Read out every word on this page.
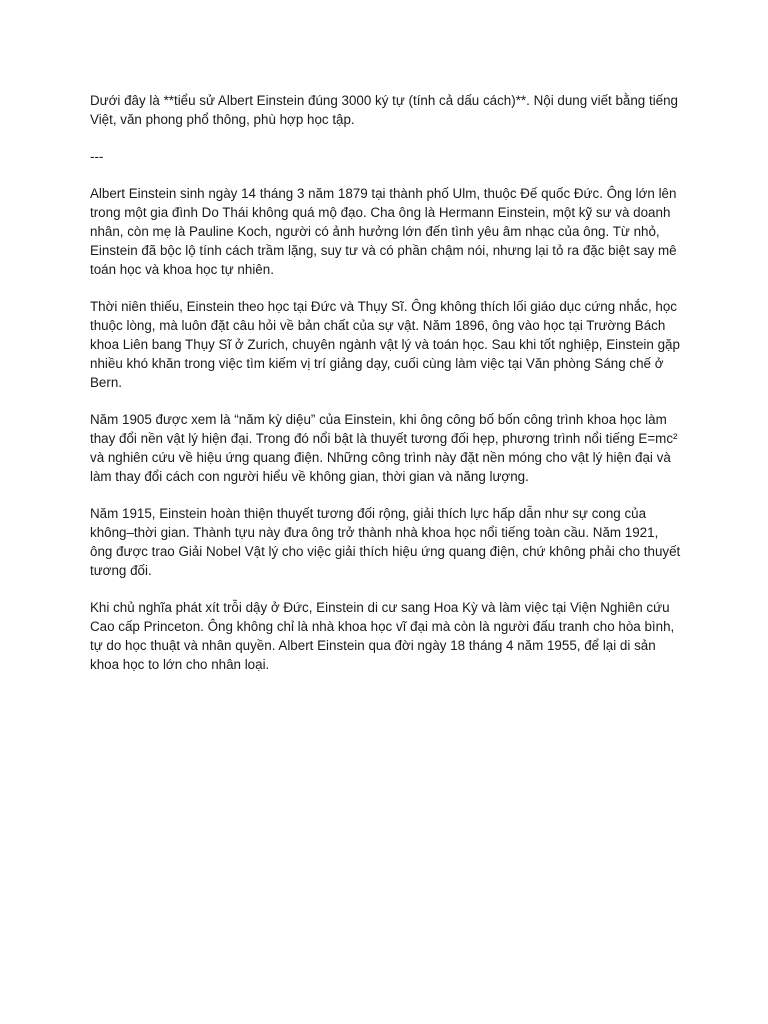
Dưới đây là **tiểu sử Albert Einstein đúng 3000 ký tự (tính cả dấu cách)**. Nội dung viết bằng tiếng Việt, văn phong phổ thông, phù hợp học tập.

---

Albert Einstein sinh ngày 14 tháng 3 năm 1879 tại thành phố Ulm, thuộc Đế quốc Đức. Ông lớn lên trong một gia đình Do Thái không quá mộ đạo. Cha ông là Hermann Einstein, một kỹ sư và doanh nhân, còn mẹ là Pauline Koch, người có ảnh hưởng lớn đến tình yêu âm nhạc của ông. Từ nhỏ, Einstein đã bộc lộ tính cách trầm lặng, suy tư và có phần chậm nói, nhưng lại tỏ ra đặc biệt say mê toán học và khoa học tự nhiên.

Thời niên thiếu, Einstein theo học tại Đức và Thụy Sĩ. Ông không thích lối giáo dục cứng nhắc, học thuộc lòng, mà luôn đặt câu hỏi về bản chất của sự vật. Năm 1896, ông vào học tại Trường Bách khoa Liên bang Thụy Sĩ ở Zurich, chuyên ngành vật lý và toán học. Sau khi tốt nghiệp, Einstein gặp nhiều khó khăn trong việc tìm kiếm vị trí giảng dạy, cuối cùng làm việc tại Văn phòng Sáng chế ở Bern.

Năm 1905 được xem là “năm kỳ diệu” của Einstein, khi ông công bố bốn công trình khoa học làm thay đổi nền vật lý hiện đại. Trong đó nổi bật là thuyết tương đối hẹp, phương trình nổi tiếng E=mc² và nghiên cứu về hiệu ứng quang điện. Những công trình này đặt nền móng cho vật lý hiện đại và làm thay đổi cách con người hiểu về không gian, thời gian và năng lượng.

Năm 1915, Einstein hoàn thiện thuyết tương đối rộng, giải thích lực hấp dẫn như sự cong của không–thời gian. Thành tựu này đưa ông trở thành nhà khoa học nổi tiếng toàn cầu. Năm 1921, ông được trao Giải Nobel Vật lý cho việc giải thích hiệu ứng quang điện, chứ không phải cho thuyết tương đối.

Khi chủ nghĩa phát xít trỗi dậy ở Đức, Einstein di cư sang Hoa Kỳ và làm việc tại Viện Nghiên cứu Cao cấp Princeton. Ông không chỉ là nhà khoa học vĩ đại mà còn là người đấu tranh cho hòa bình, tự do học thuật và nhân quyền. Albert Einstein qua đời ngày 18 tháng 4 năm 1955, để lại di sản khoa học to lớn cho nhân loại.
